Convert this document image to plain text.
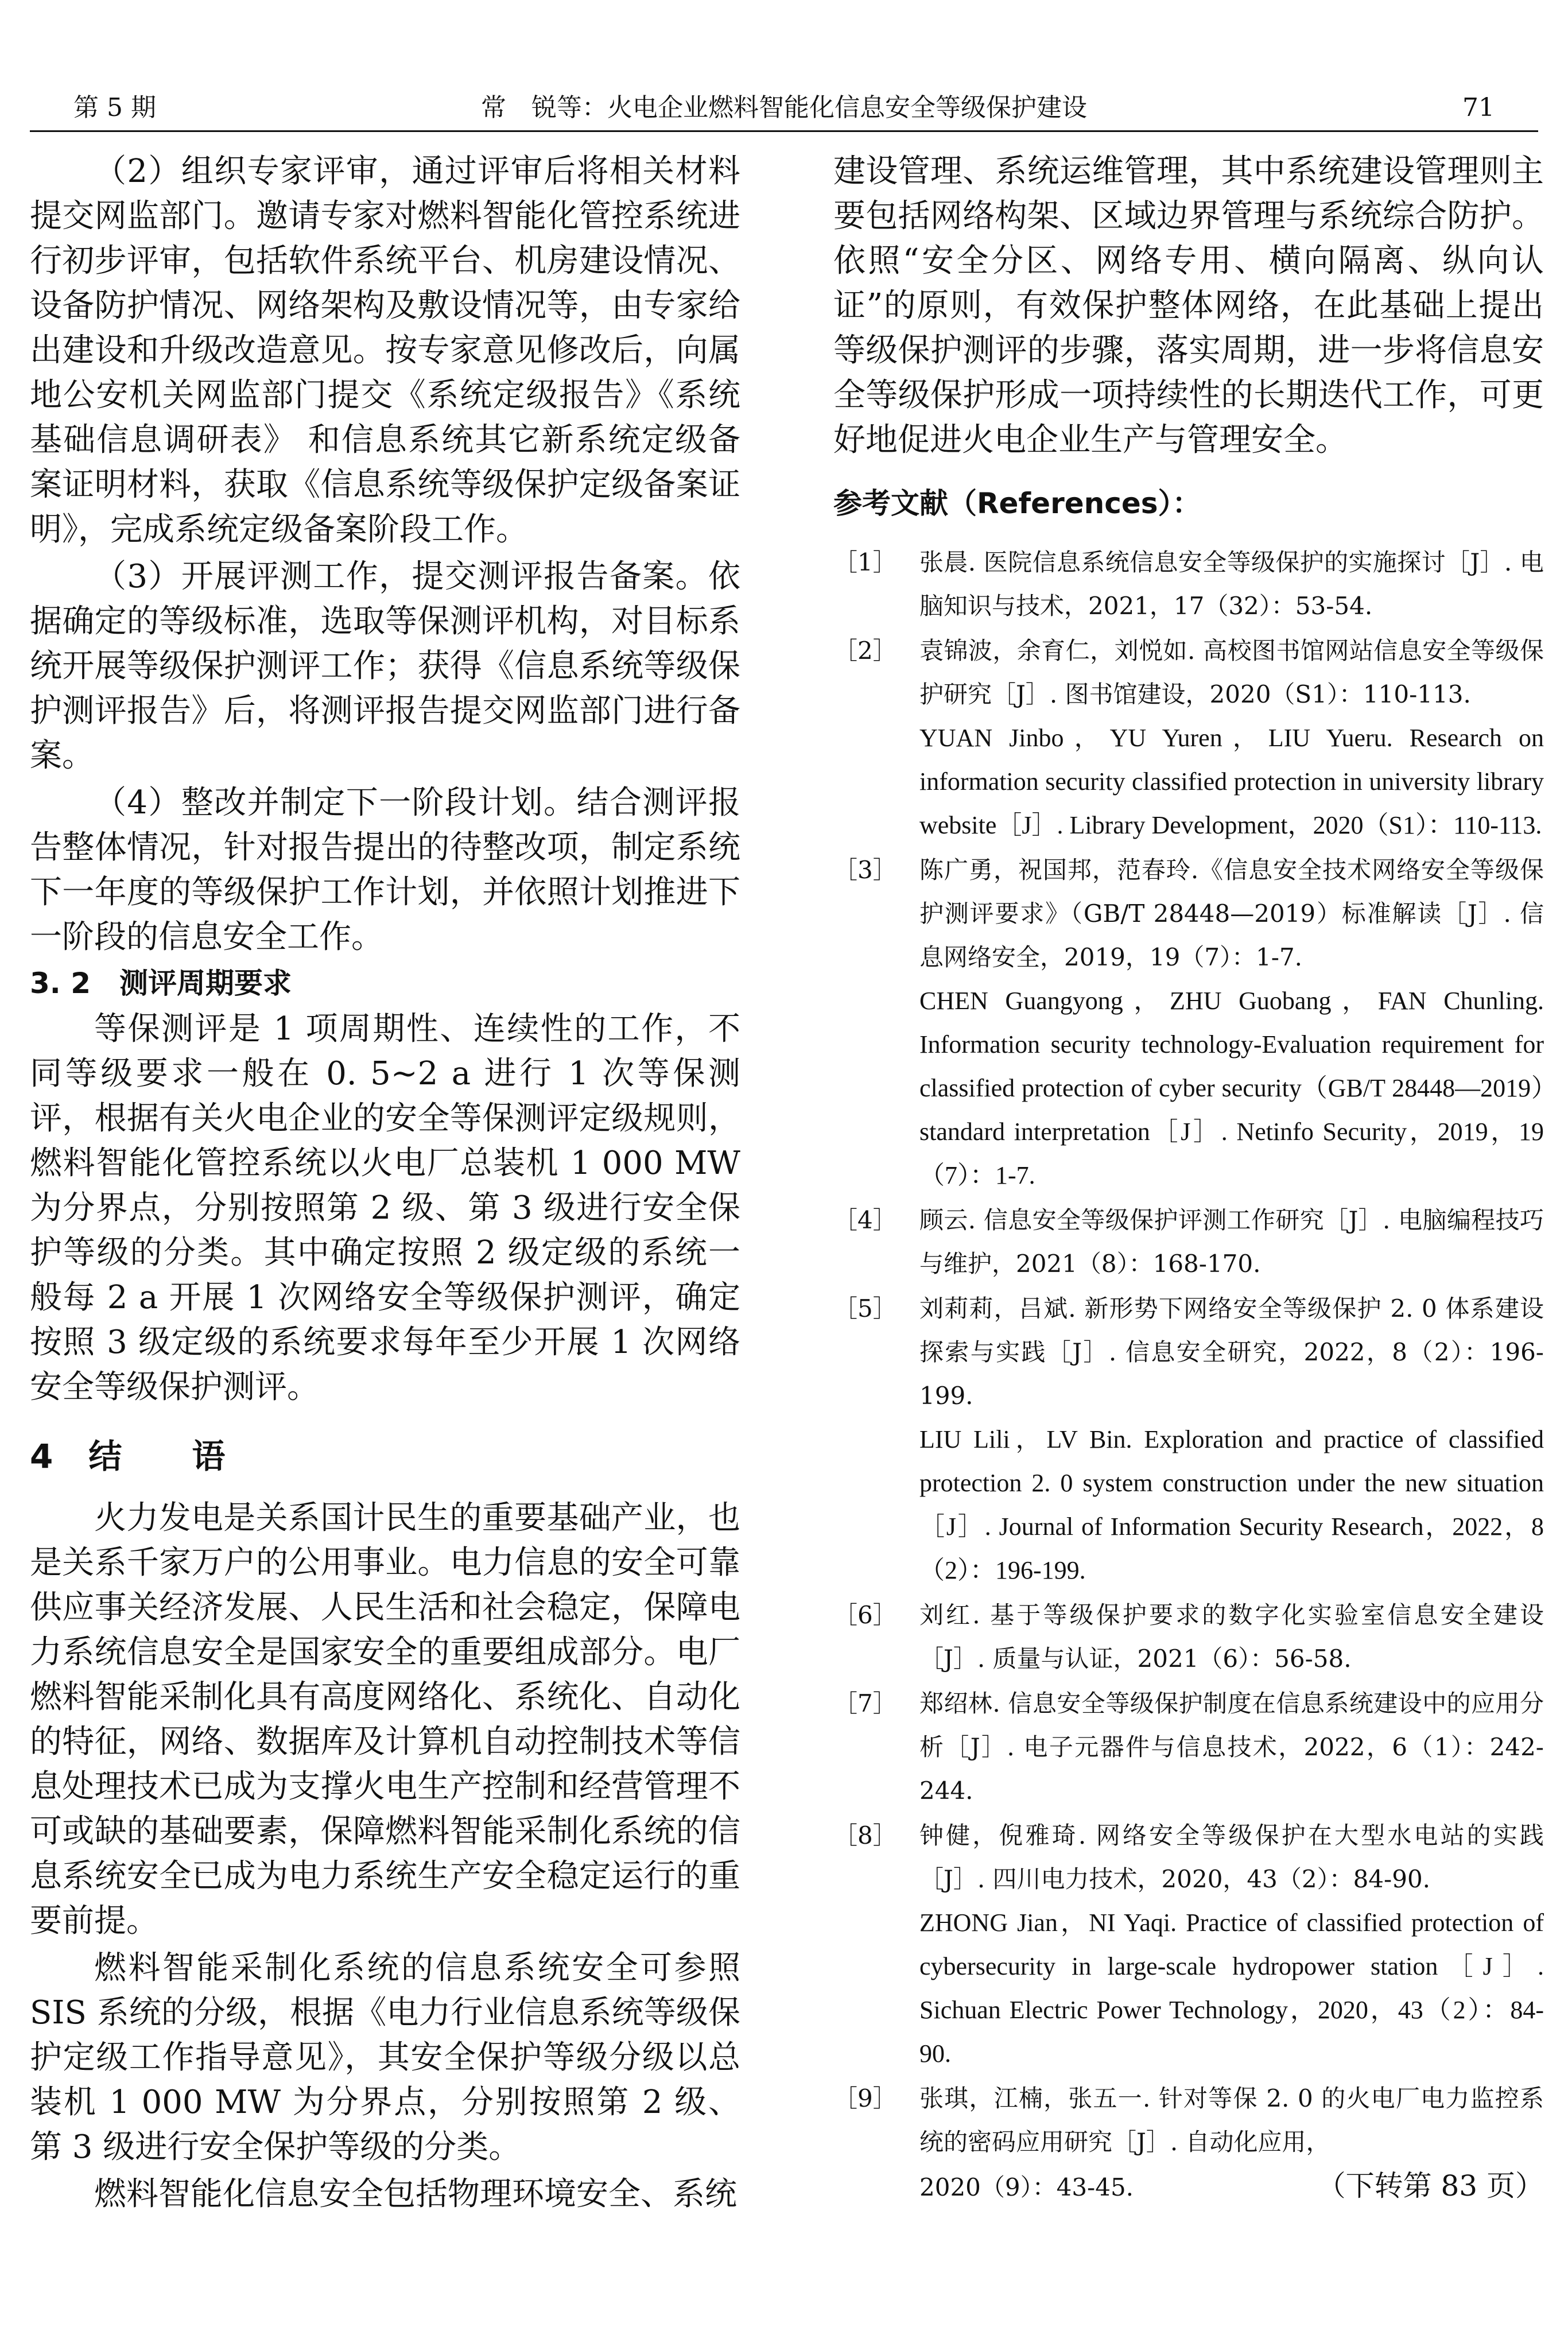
第 5 期	常　锐等：火电企业燃料智能化信息安全等级保护建设	71

（2）组织专家评审，通过评审后将相关材料提交网监部门。邀请专家对燃料智能化管控系统进行初步评审，包括软件系统平台、机房建设情况、设备防护情况、网络架构及敷设情况等，由专家给出建设和升级改造意见。按专家意见修改后，向属地公安机关网监部门提交《系统定级报告》《系统基础信息调研表》 和信息系统其它新系统定级备案证明材料，获取《信息系统等级保护定级备案证明》，完成系统定级备案阶段工作。

（3）开展评测工作，提交测评报告备案。依据确定的等级标准，选取等保测评机构，对目标系统开展等级保护测评工作；获得《信息系统等级保护测评报告》后，将测评报告提交网监部门进行备案。

（4）整改并制定下一阶段计划。结合测评报告整体情况，针对报告提出的待整改项，制定系统下一年度的等级保护工作计划，并依照计划推进下一阶段的信息安全工作。

3. 2　测评周期要求

等保测评是 1 项周期性、连续性的工作，不同等级要求一般在 0. 5~2 a 进行 1 次等保测评，根据有关火电企业的安全等保测评定级规则，燃料智能化管控系统以火电厂总装机 1 000 MW 为分界点，分别按照第 2 级、第 3 级进行安全保护等级的分类。其中确定按照 2 级定级的系统一般每 2 a 开展 1 次网络安全等级保护测评，确定按照 3 级定级的系统要求每年至少开展 1 次网络安全等级保护测评。

4 结 语

火力发电是关系国计民生的重要基础产业，也是关系千家万户的公用事业。电力信息的安全可靠供应事关经济发展、人民生活和社会稳定，保障电力系统信息安全是国家安全的重要组成部分。电厂燃料智能采制化具有高度网络化、系统化、自动化的特征，网络、数据库及计算机自动控制技术等信息处理技术已成为支撑火电生产控制和经营管理不可或缺的基础要素，保障燃料智能采制化系统的信息系统安全已成为电力系统生产安全稳定运行的重要前提。

燃料智能采制化系统的信息系统安全可参照 SIS 系统的分级，根据《电力行业信息系统等级保护定级工作指导意见》，其安全保护等级分级以总装机 1 000 MW 为分界点，分别按照第 2 级、第 3 级进行安全保护等级的分类。

燃料智能化信息安全包括物理环境安全、系统

建设管理、系统运维管理，其中系统建设管理则主要包括网络构架、区域边界管理与系统综合防护。依照“安全分区、网络专用、横向隔离、纵向认证”的原则，有效保护整体网络，在此基础上提出等级保护测评的步骤，落实周期，进一步将信息安全等级保护形成一项持续性的长期迭代工作，可更好地促进火电企业生产与管理安全。

参考文献（References）：
［1］ 张晨. 医院信息系统信息安全等级保护的实施探讨［J］. 电脑知识与技术，2021，17（32）：53-54.
［2］ 袁锦波，余育仁，刘悦如. 高校图书馆网站信息安全等级保护研究［J］. 图书馆建设，2020（S1）：110-113.
YUAN Jinbo，YU Yuren，LIU Yueru. Research on information security classified protection in university library website［J］. Library Development，2020（S1）：110-113.
［3］ 陈广勇，祝国邦，范春玲.《信息安全技术网络安全等级保护测评要求》（GB/T 28448—2019）标准解读［J］. 信息网络安全，2019，19（7）：1-7.
CHEN Guangyong，ZHU Guobang，FAN Chunling. Information security technology-Evaluation requirement for classified protection of cyber security（GB/T 28448—2019）standard interpretation［J］. Netinfo Security，2019，19（7）：1-7.
［4］ 顾云. 信息安全等级保护评测工作研究［J］. 电脑编程技巧与维护，2021（8）：168-170.
［5］ 刘莉莉，吕斌. 新形势下网络安全等级保护 2. 0 体系建设探索与实践［J］. 信息安全研究，2022，8（2）：196-199.
LIU Lili，LV Bin. Exploration and practice of classified protection 2. 0 system construction under the new situation［J］. Journal of Information Security Research，2022，8（2）：196-199.
［6］ 刘红. 基于等级保护要求的数字化实验室信息安全建设［J］. 质量与认证，2021（6）：56-58.
［7］ 郑绍林. 信息安全等级保护制度在信息系统建设中的应用分析［J］. 电子元器件与信息技术，2022，6（1）：242-244.
［8］ 钟健，倪雅琦. 网络安全等级保护在大型水电站的实践［J］. 四川电力技术，2020，43（2）：84-90.
ZHONG Jian，NI Yaqi. Practice of classified protection of cybersecurity in large-scale hydropower station［J］. Sichuan Electric Power Technology，2020，43（2）：84-90.
［9］ 张琪，江楠，张五一. 针对等保 2. 0 的火电厂电力监控系统的密码应用研究［J］. 自动化应用，
2020（9）：43-45.	（下转第 83 页）
